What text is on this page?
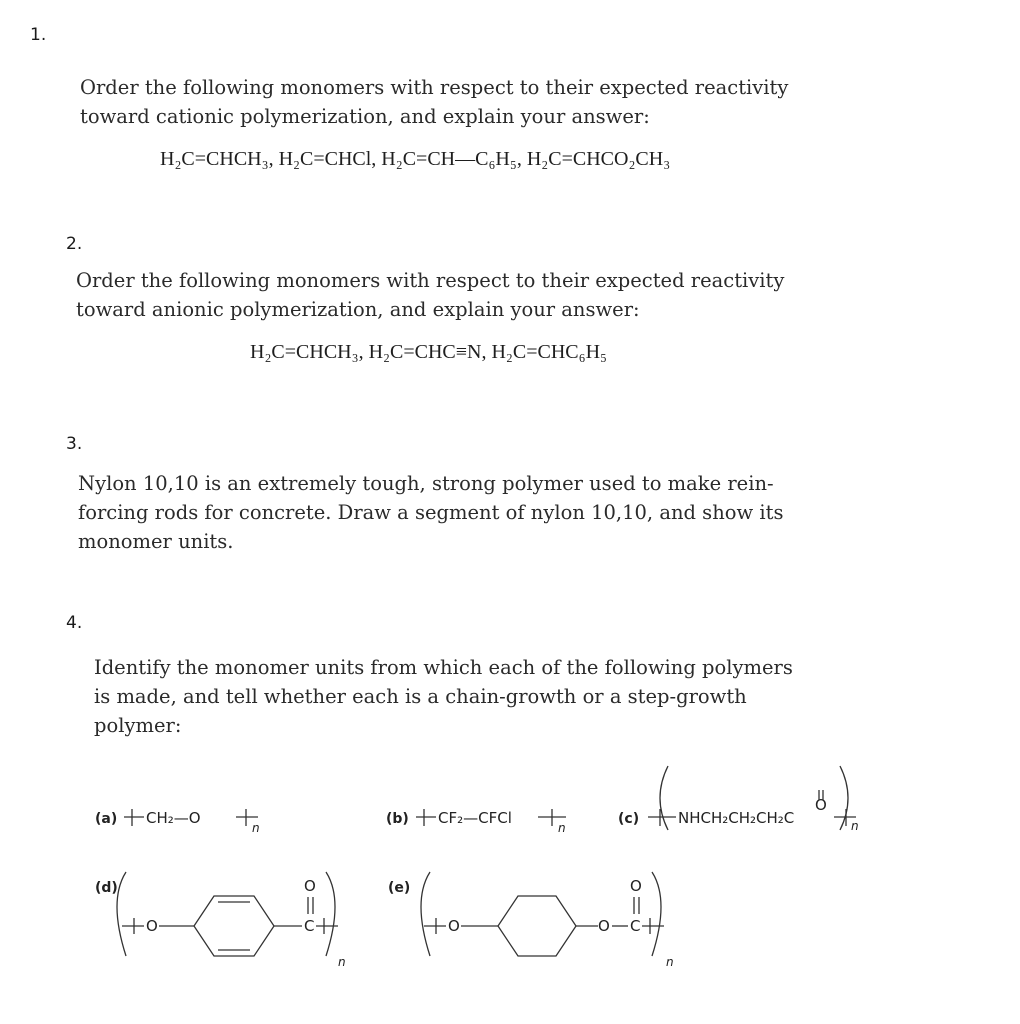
1.
Order the following monomers with respect to their expected reactivity
toward cationic polymerization, and explain your answer:
H₂C=CHCH₃, H₂C=CHCl, H₂C=CH—C₆H₅, H₂C=CHCO₂CH₃
2.
Order the following monomers with respect to their expected reactivity
toward anionic polymerization, and explain your answer:
H₂C=CHCH₃, H₂C=CHC≡N, H₂C=CHC₆H₅
3.
Nylon 10,10 is an extremely tough, strong polymer used to make rein-
forcing rods for concrete. Draw a segment of nylon 10,10, and show its
monomer units.
4.
Identify the monomer units from which each of the following polymers
is made, and tell whether each is a chain-growth or a step-growth
polymer:
(a) CH₂—O
n
(b) CF₂—CFCl
n
(c)	NHCH₂CH₂CH₂C
O
n
(d)
O	C
O
n
(e)
O	O C
O
n
